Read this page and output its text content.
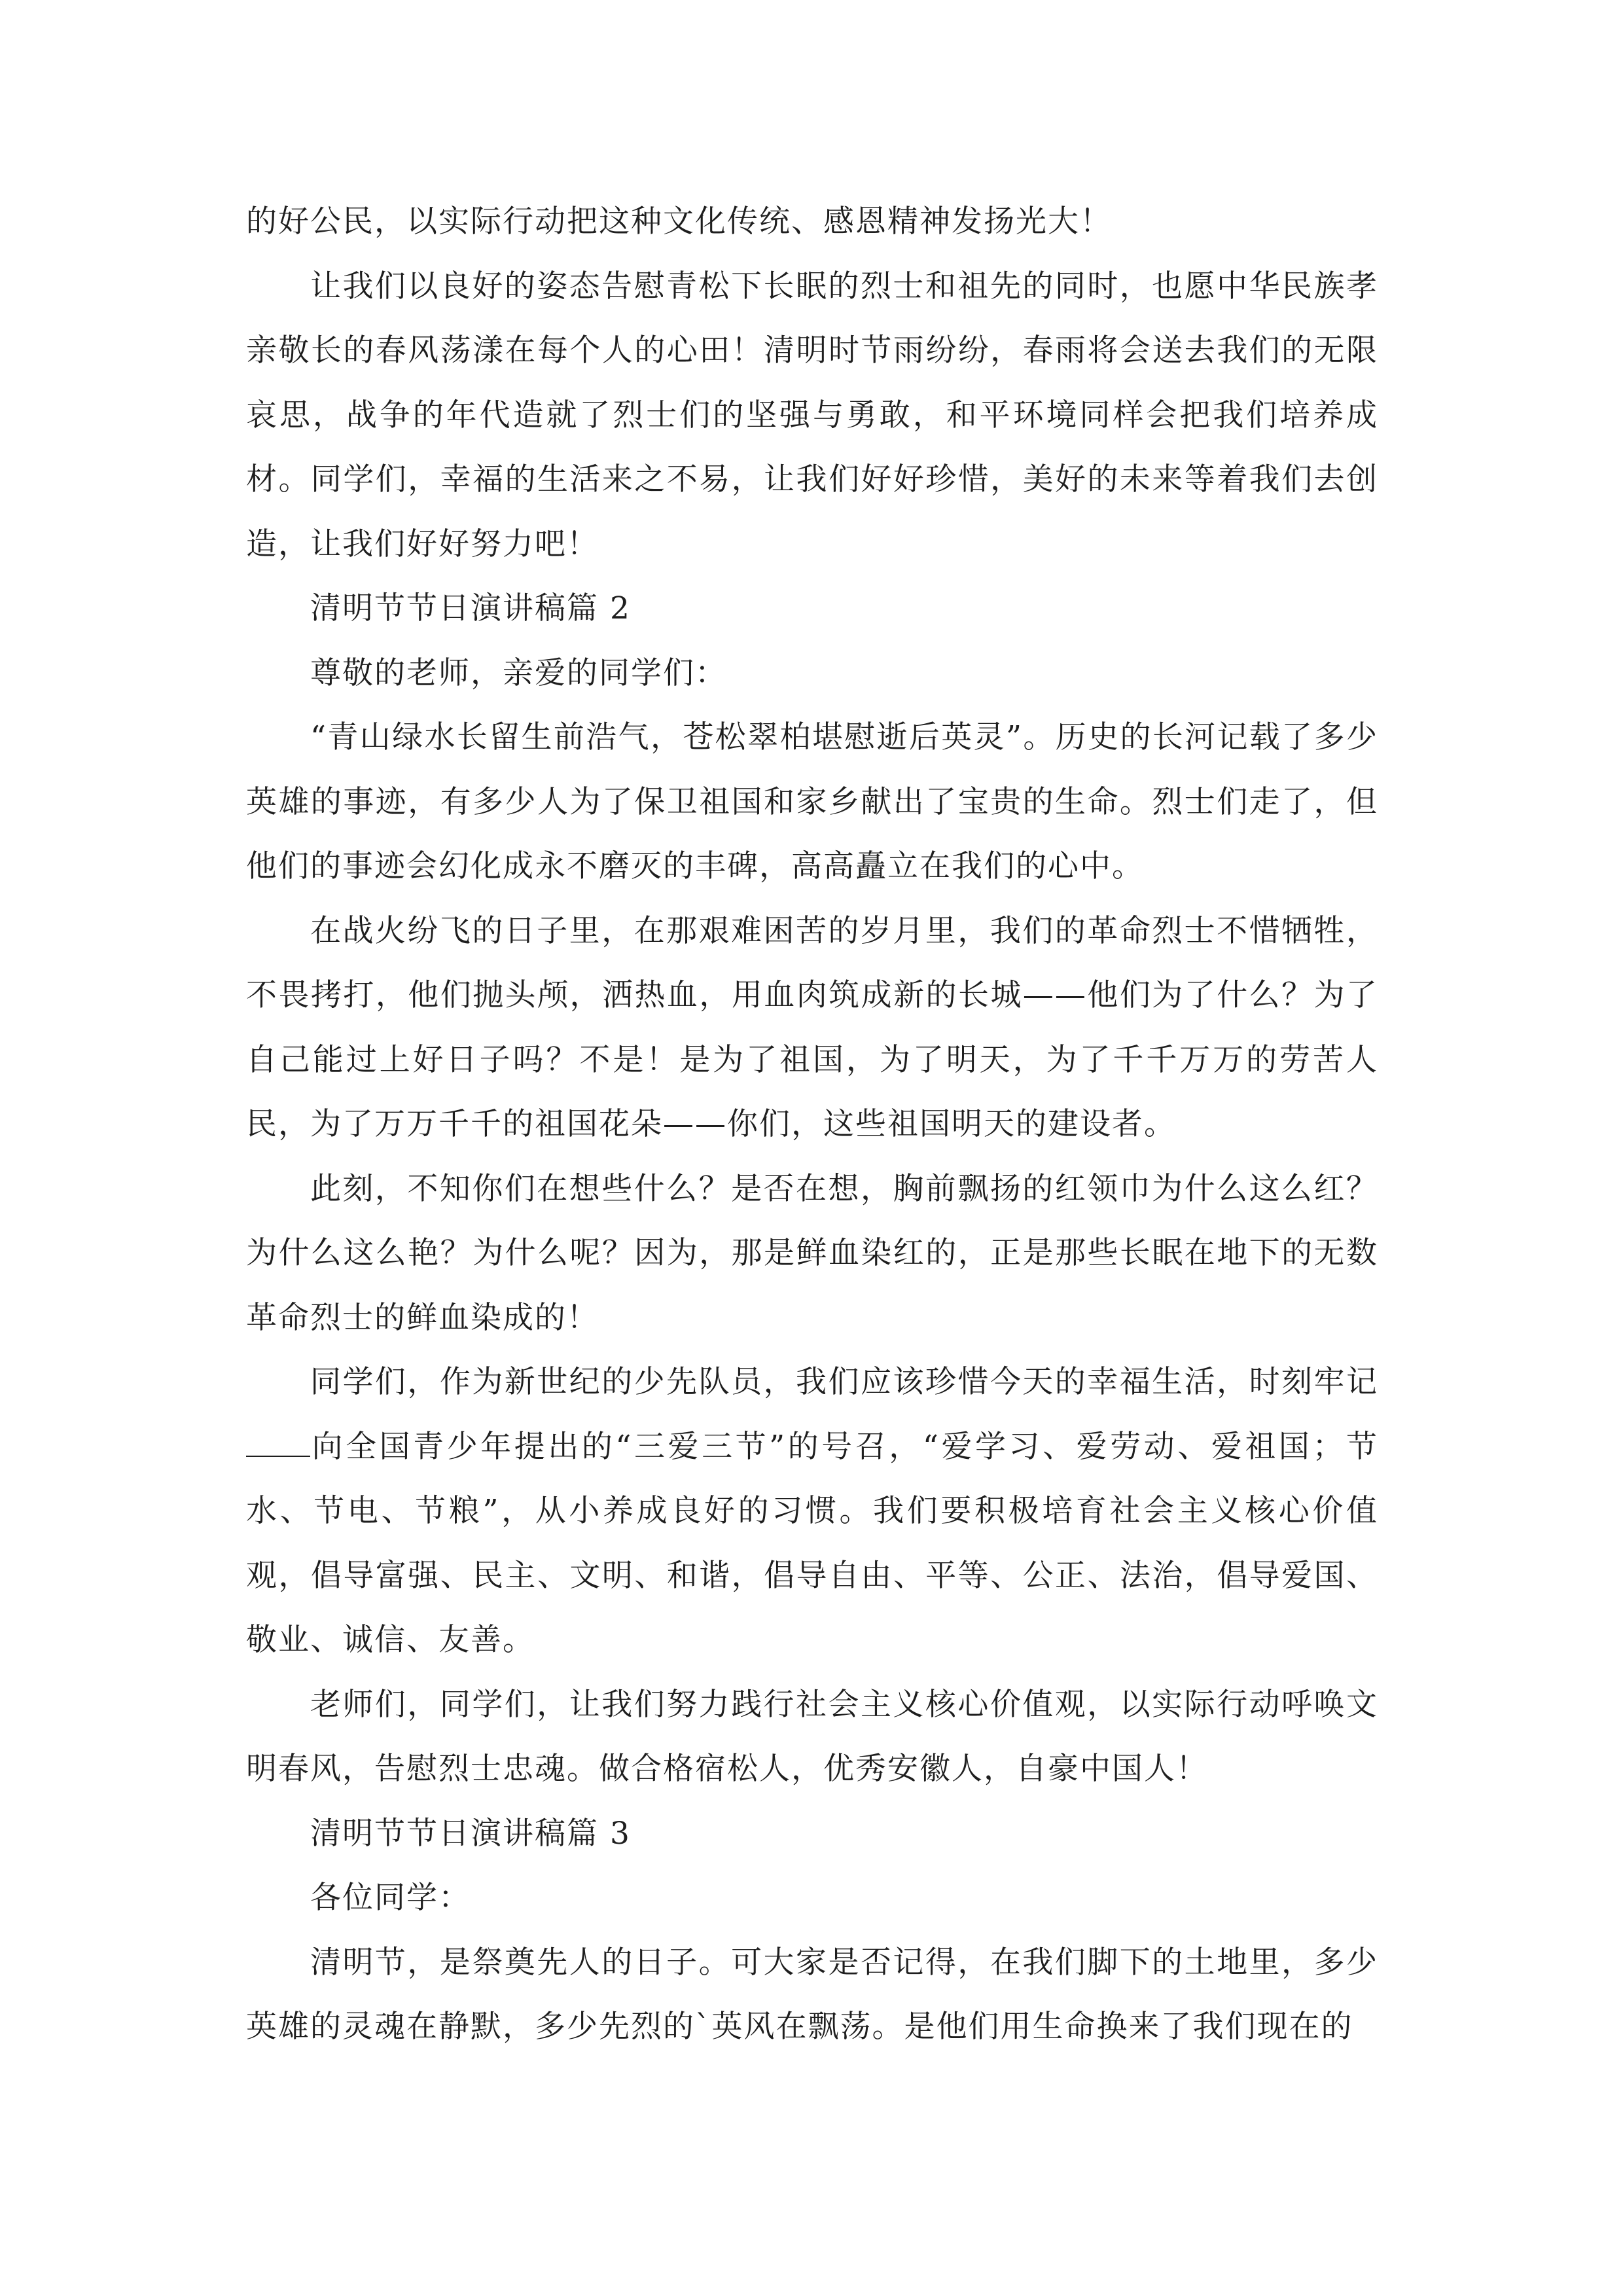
的好公民，以实际行动把这种文化传统、感恩精神发扬光大！

让我们以良好的姿态告慰青松下长眠的烈士和祖先的同时，也愿中华民族孝亲敬长的春风荡漾在每个人的心田！清明时节雨纷纷，春雨将会送去我们的无限哀思，战争的年代造就了烈士们的坚强与勇敢，和平环境同样会把我们培养成材。同学们，幸福的生活来之不易，让我们好好珍惜，美好的未来等着我们去创造，让我们好好努力吧！

清明节节日演讲稿篇 2

尊敬的老师，亲爱的同学们：

“青山绿水长留生前浩气，苍松翠柏堪慰逝后英灵”。历史的长河记载了多少英雄的事迹，有多少人为了保卫祖国和家乡献出了宝贵的生命。烈士们走了，但他们的事迹会幻化成永不磨灭的丰碑，高高矗立在我们的心中。

在战火纷飞的日子里，在那艰难困苦的岁月里，我们的革命烈士不惜牺牲，不畏拷打，他们抛头颅，洒热血，用血肉筑成新的长城——他们为了什么？为了自己能过上好日子吗？不是！是为了祖国，为了明天，为了千千万万的劳苦人民，为了万万千千的祖国花朵——你们，这些祖国明天的建设者。

此刻，不知你们在想些什么？是否在想，胸前飘扬的红领巾为什么这么红？为什么这么艳？为什么呢？因为，那是鲜血染红的，正是那些长眠在地下的无数革命烈士的鲜血染成的！

同学们，作为新世纪的少先队员，我们应该珍惜今天的幸福生活，时刻牢记向全国青少年提出的“三爱三节”的号召，“爱学习、爱劳动、爱祖国；节水、节电、节粮”，从小养成良好的习惯。我们要积极培育社会主义核心价值观，倡导富强、民主、文明、和谐，倡导自由、平等、公正、法治，倡导爱国、敬业、诚信、友善。

老师们，同学们，让我们努力践行社会主义核心价值观，以实际行动呼唤文明春风，告慰烈士忠魂。做合格宿松人，优秀安徽人，自豪中国人！

清明节节日演讲稿篇 3

各位同学：

清明节，是祭奠先人的日子。可大家是否记得，在我们脚下的土地里，多少英雄的灵魂在静默，多少先烈的`英风在飘荡。是他们用生命换来了我们现在的
